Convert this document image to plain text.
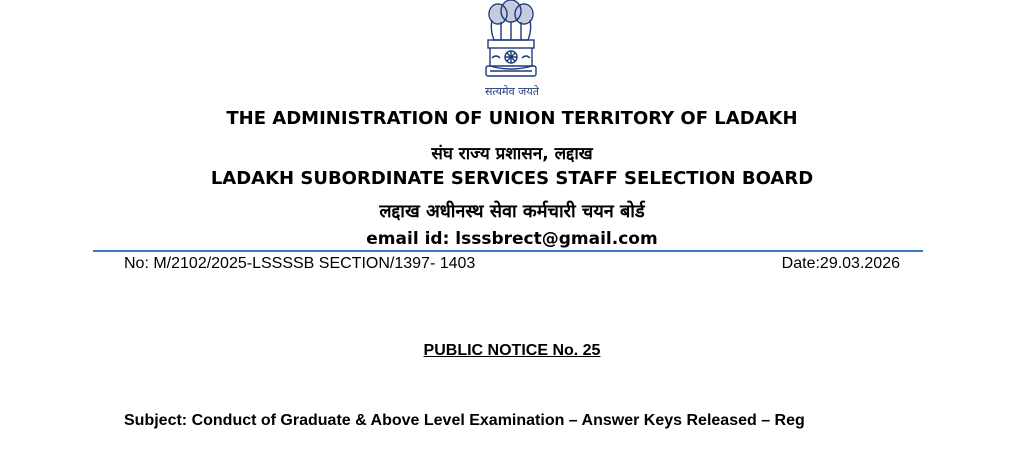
सत्यमेव जयते
THE ADMINISTRATION OF UNION TERRITORY OF LADAKH
संघ राज्य प्रशासन, लद्दाख
LADAKH SUBORDINATE SERVICES STAFF SELECTION BOARD
लद्दाख अधीनस्थ सेवा कर्मचारी चयन बोर्ड
email id: lsssbrect@gmail.com
No: M/2102/2025-LSSSSB SECTION/1397- 1403	Date:29.03.2026
PUBLIC NOTICE No. 25
Subject: Conduct of Graduate & Above Level Examination – Answer Keys Released – Reg
